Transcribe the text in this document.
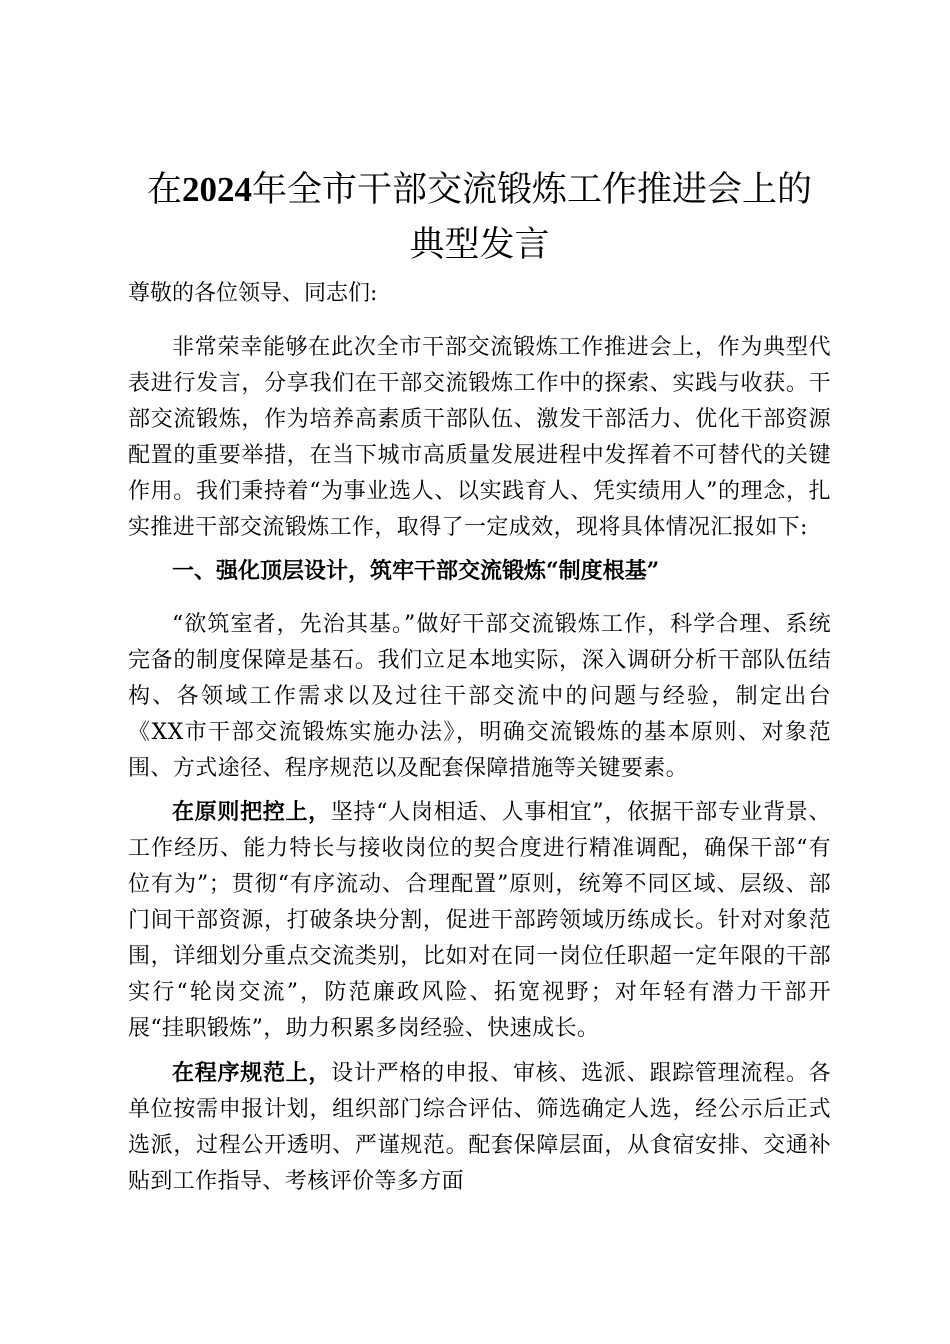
在2024年全市干部交流锻炼工作推进会上的
典型发言

尊敬的各位领导、同志们:

非常荣幸能够在此次全市干部交流锻炼工作推进会上，作为典型代表进行发言，分享我们在干部交流锻炼工作中的探索、实践与收获。干部交流锻炼，作为培养高素质干部队伍、激发干部活力、优化干部资源配置的重要举措，在当下城市高质量发展进程中发挥着不可替代的关键作用。我们秉持着“为事业选人、以实践育人、凭实绩用人”的理念，扎实推进干部交流锻炼工作，取得了一定成效，现将具体情况汇报如下:

一、强化顶层设计，筑牢干部交流锻炼“制度根基”

“欲筑室者，先治其基。”做好干部交流锻炼工作，科学合理、系统完备的制度保障是基石。我们立足本地实际，深入调研分析干部队伍结构、各领域工作需求以及过往干部交流中的问题与经验，制定出台《XX市干部交流锻炼实施办法》，明确交流锻炼的基本原则、对象范围、方式途径、程序规范以及配套保障措施等关键要素。

在原则把控上，坚持“人岗相适、人事相宜”，依据干部专业背景、工作经历、能力特长与接收岗位的契合度进行精准调配，确保干部“有位有为”；贯彻“有序流动、合理配置”原则，统筹不同区域、层级、部门间干部资源，打破条块分割，促进干部跨领域历练成长。针对对象范围，详细划分重点交流类别，比如对在同一岗位任职超一定年限的干部实行“轮岗交流”，防范廉政风险、拓宽视野；对年轻有潜力干部开展“挂职锻炼”，助力积累多岗经验、快速成长。

在程序规范上，设计严格的申报、审核、选派、跟踪管理流程。各单位按需申报计划，组织部门综合评估、筛选确定人选，经公示后正式选派，过程公开透明、严谨规范。配套保障层面，从食宿安排、交通补贴到工作指导、考核评价等多方面
